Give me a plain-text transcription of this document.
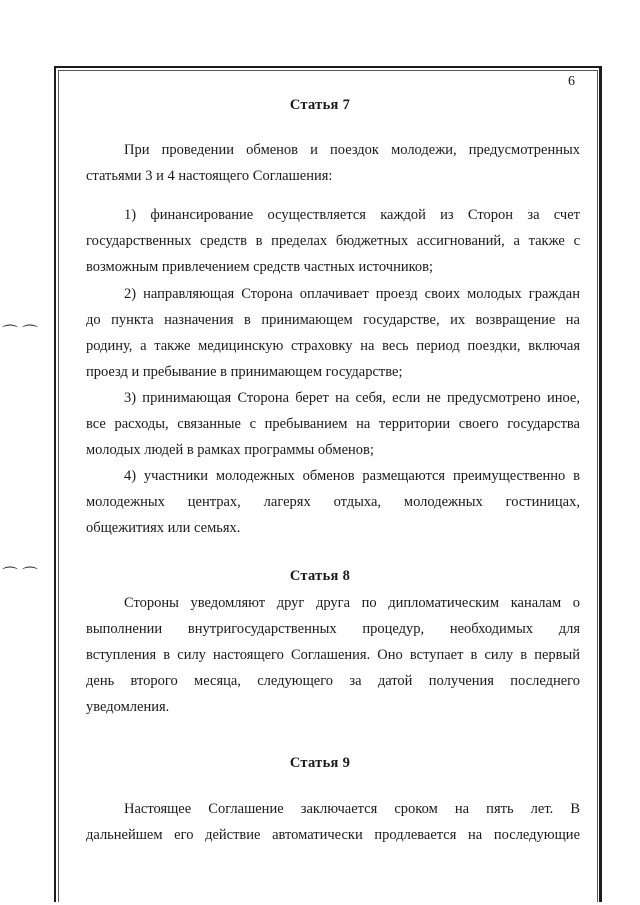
⌒ ⌒
⌒ ⌒
6
Статья 7
При проведении обменов и поездок молодежи, предусмотренных
статьями 3 и 4 настоящего Соглашения:
1) финансирование осуществляется каждой из Сторон за счет
государственных средств в пределах бюджетных ассигнований, а также с
возможным привлечением средств частных источников;
2) направляющая Сторона оплачивает проезд своих молодых граждан
до пункта назначения в принимающем государстве, их возвращение на
родину, а также медицинскую страховку на весь период поездки, включая
проезд и пребывание в принимающем государстве;
3) принимающая Сторона берет на себя, если не предусмотрено иное,
все расходы, связанные с пребыванием на территории своего государства
молодых людей в рамках программы обменов;
4) участники молодежных обменов размещаются преимущественно в
молодежных центрах, лагерях отдыха, молодежных гостиницах,
общежитиях или семьях.
Статья 8
Стороны уведомляют друг друга по дипломатическим каналам о
выполнении внутригосударственных процедур, необходимых для
вступления в силу настоящего Соглашения. Оно вступает в силу в первый
день второго месяца, следующего за датой получения последнего
уведомления.
Статья 9
Настоящее Соглашение заключается сроком на пять лет. В
дальнейшем его действие автоматически продлевается на последующие
